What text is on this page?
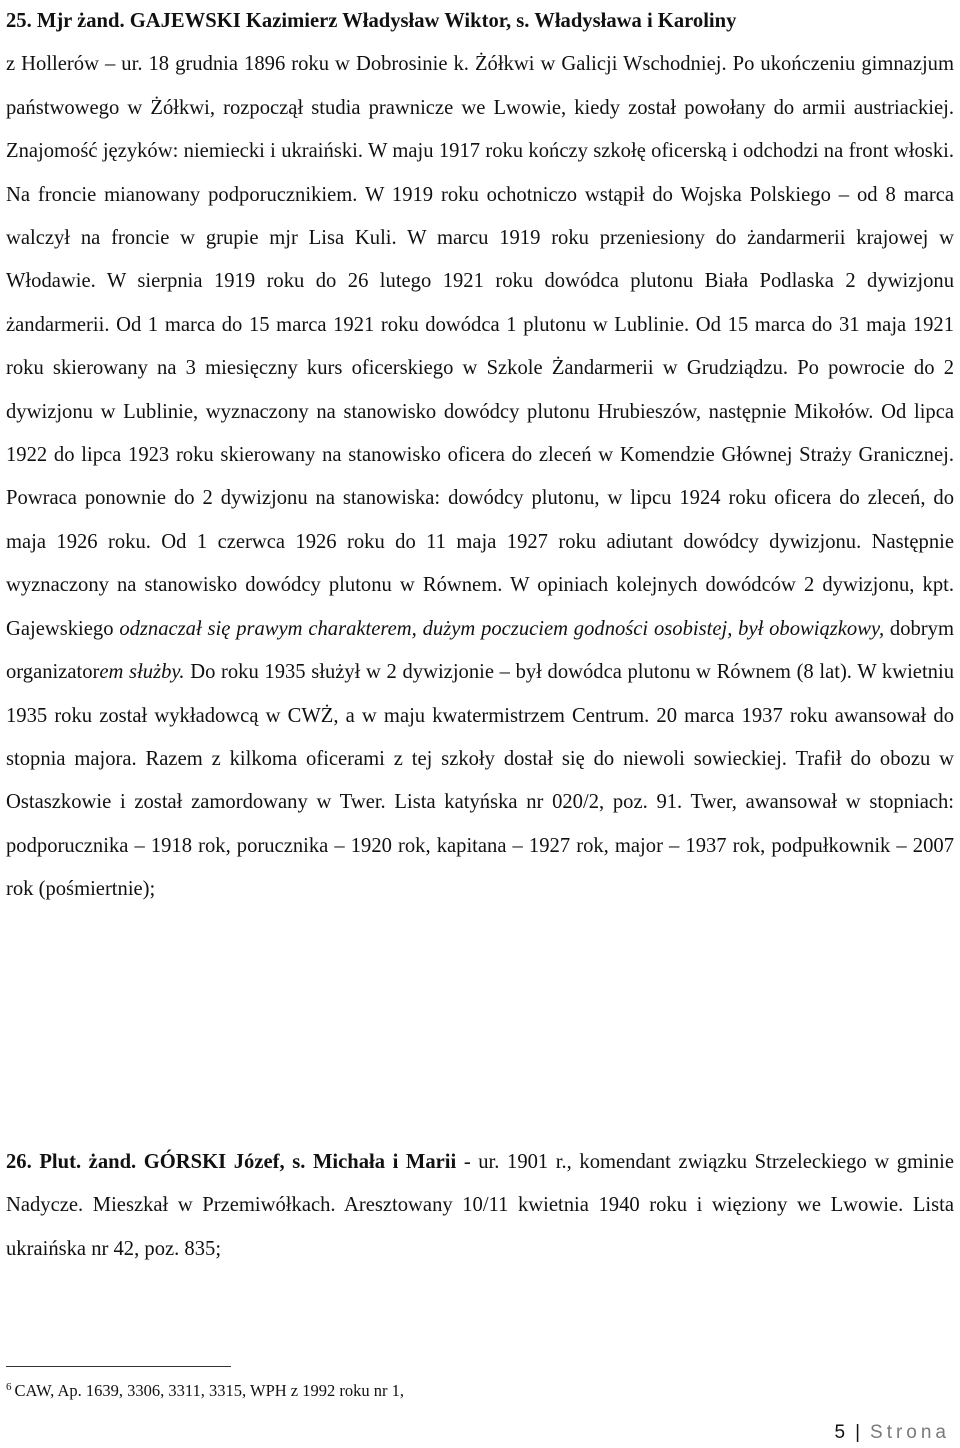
25. Mjr żand. GAJEWSKI Kazimierz Władysław Wiktor, s. Władysława i Karoliny
z Hollerów – ur. 18 grudnia 1896 roku w Dobrosinie k. Żółkwi w Galicji Wschodniej. Po ukończeniu gimnazjum państwowego w Żółkwi, rozpoczął studia prawnicze we Lwowie, kiedy został powołany do armii austriackiej. Znajomość języków: niemiecki i ukraiński. W maju 1917 roku kończy szkołę oficerską i odchodzi na front włoski. Na froncie mianowany podporucznikiem. W 1919 roku ochotniczo wstąpił do Wojska Polskiego – od 8 marca walczył na froncie w grupie mjr Lisa Kuli. W marcu 1919 roku przeniesiony do żandarmerii krajowej w Włodawie. W sierpnia 1919 roku do 26 lutego 1921 roku dowódca plutonu Biała Podlaska 2 dywizjonu żandarmerii. Od 1 marca do 15 marca 1921 roku dowódca 1 plutonu w Lublinie. Od 15 marca do 31 maja 1921 roku skierowany na 3 miesięczny kurs oficerskiego w Szkole Żandarmerii w Grudziądzu. Po powrocie do 2 dywizjonu w Lublinie, wyznaczony na stanowisko dowódcy plutonu Hrubieszów, następnie Mikołów. Od lipca 1922 do lipca 1923 roku skierowany na stanowisko oficera do zleceń w Komendzie Głównej Straży Granicznej. Powraca ponownie do 2 dywizjonu na stanowiska: dowódcy plutonu, w lipcu 1924 roku oficera do zleceń, do maja 1926 roku. Od 1 czerwca 1926 roku do 11 maja 1927 roku adiutant dowódcy dywizjonu. Następnie wyznaczony na stanowisko dowódcy plutonu w Równem. W opiniach kolejnych dowódców 2 dywizjonu, kpt. Gajewskiego odznaczał się prawym charakterem, dużym poczuciem godności osobistej, był obowiązkowy, dobrym organizatorem służby. Do roku 1935 służył w 2 dywizjonie – był dowódca plutonu w Równem (8 lat). W kwietniu 1935 roku został wykładowcą w CWŻ, a w maju kwatermistrzem Centrum. 20 marca 1937 roku awansował do stopnia majora. Razem z kilkoma oficerami z tej szkoły dostał się do niewoli sowieckiej. Trafił do obozu w Ostaszkowie i został zamordowany w Twer. Lista katyńska nr 020/2, poz. 91. Twer, awansował w stopniach: podporucznika – 1918 rok, porucznika – 1920 rok, kapitana – 1927 rok, major – 1937 rok, podpułkownik – 2007 rok (pośmiertnie);

26. Plut. żand. GÓRSKI Józef, s. Michała i Marii - ur. 1901 r., komendant związku Strzeleckiego w gminie Nadycze. Mieszkał w Przemiwółkach. Aresztowany 10/11 kwietnia 1940 roku i więziony we Lwowie. Lista ukraińska nr 42, poz. 835;

$^6$ CAW, Ap. 1639, 3306, 3311, 3315, WPH z 1992 roku nr 1,
5 | Strona
